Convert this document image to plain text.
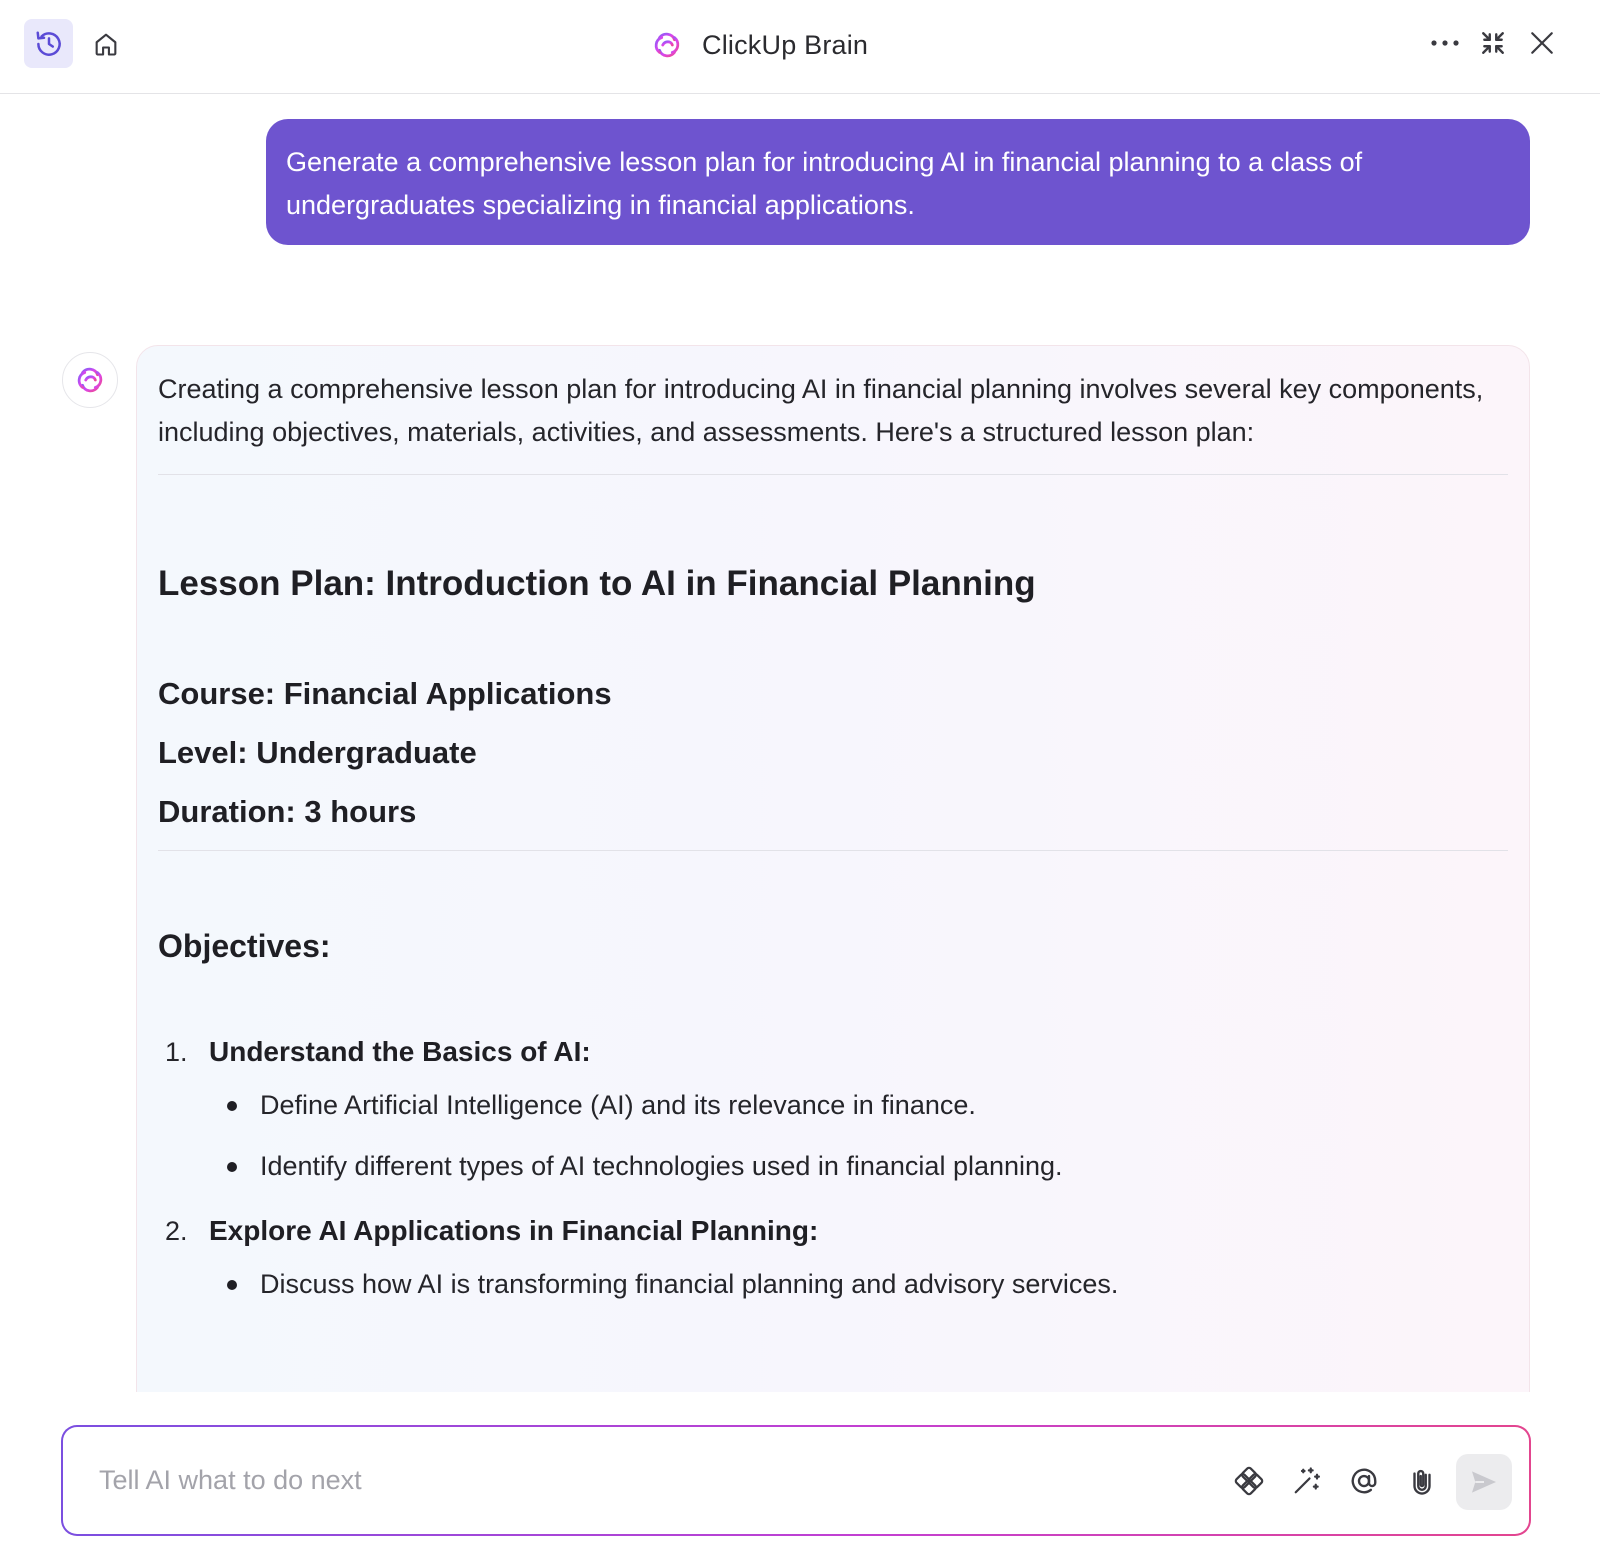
ClickUp Brain
Generate a comprehensive lesson plan for introducing AI in financial planning to a class of undergraduates specializing in financial applications.

Creating a comprehensive lesson plan for introducing AI in financial planning involves several key components, including objectives, materials, activities, and assessments. Here's a structured lesson plan:

Lesson Plan: Introduction to AI in Financial Planning
Course: Financial Applications
Level: Undergraduate
Duration: 3 hours
Objectives:
1. Understand the Basics of AI:
Define Artificial Intelligence (AI) and its relevance in finance.
Identify different types of AI technologies used in financial planning.
2. Explore AI Applications in Financial Planning:
Discuss how AI is transforming financial planning and advisory services.
Tell AI what to do next
